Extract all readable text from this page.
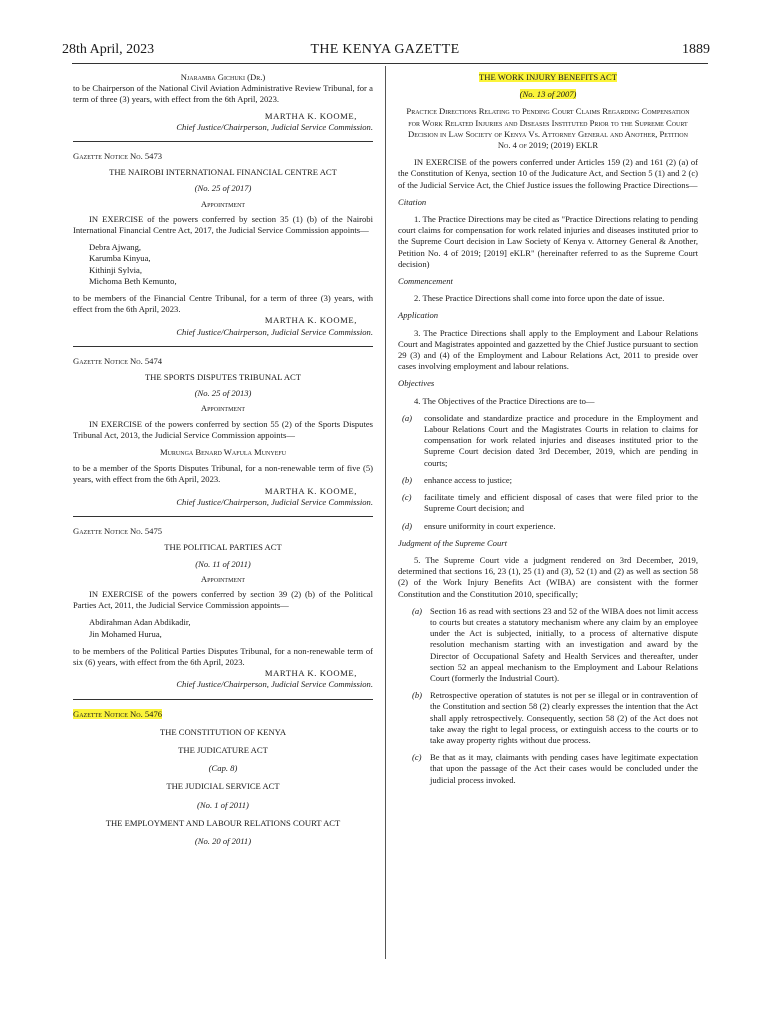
28th April, 2023	THE KENYA GAZETTE	1889

Njaramba Gichuki (Dr.)

to be Chairperson of the National Civil Aviation Administrative Review Tribunal, for a term of three (3) years, with effect from the 6th April, 2023.

MARTHA K. KOOME,

Chief Justice/Chairperson, Judicial Service Commission.

Gazette Notice No. 5473

THE NAIROBI INTERNATIONAL FINANCIAL CENTRE ACT

(No. 25 of 2017)

Appointment

IN EXERCISE of the powers conferred by section 35 (1) (b) of the Nairobi International Financial Centre Act, 2017, the Judicial Service Commission appoints—

Debra Ajwang,

Karumba Kinyua,

Kithinji Sylvia,

Michoma Beth Kemunto,

to be members of the Financial Centre Tribunal, for a term of three (3) years, with effect from the 6th April, 2023.

MARTHA K. KOOME,

Chief Justice/Chairperson, Judicial Service Commission.

Gazette Notice No. 5474

THE SPORTS DISPUTES TRIBUNAL ACT

(No. 25 of 2013)

Appointment

IN EXERCISE of the powers conferred by section 55 (2) of the Sports Disputes Tribunal Act, 2013, the Judicial Service Commission appoints—

Murunga Benard Wafula Munyefu

to be a member of the Sports Disputes Tribunal, for a non-renewable term of five (5) years, with effect from the 6th April, 2023.

MARTHA K. KOOME,

Chief Justice/Chairperson, Judicial Service Commission.

Gazette Notice No. 5475

THE POLITICAL PARTIES ACT

(No. 11 of 2011)

Appointment

IN EXERCISE of the powers conferred by section 39 (2) (b) of the Political Parties Act, 2011, the Judicial Service Commission appoints—

Abdirahman Adan Abdikadir,

Jin Mohamed Hurua,

to be members of the Political Parties Disputes Tribunal, for a non-renewable term of six (6) years, with effect from the 6th April, 2023.

MARTHA K. KOOME,

Chief Justice/Chairperson, Judicial Service Commission.

Gazette Notice No. 5476

THE CONSTITUTION OF KENYA

THE JUDICATURE ACT

(Cap. 8)

THE JUDICIAL SERVICE ACT

(No. 1 of 2011)

THE EMPLOYMENT AND LABOUR RELATIONS COURT ACT

(No. 20 of 2011)

THE WORK INJURY BENEFITS ACT

(No. 13 of 2007)

Practice Directions Relating to Pending Court Claims Regarding Compensation for Work Related Injuries and Diseases Instituted Prior to the Supreme Court Decision in Law Society of Kenya Vs. Attorney General and Another, Petition No. 4 of 2019; (2019) EKLR

IN EXERCISE of the powers conferred under Articles 159 (2) and 161 (2) (a) of the Constitution of Kenya, section 10 of the Judicature Act, and Section 5 (1) and 2 (c) of the Judicial Service Act, the Chief Justice issues the following Practice Directions—

Citation

1. The Practice Directions may be cited as "Practice Directions relating to pending court claims for compensation for work related injuries and diseases instituted prior to the Supreme Court decision in Law Society of Kenya v. Attorney General & Another, Petition No. 4 of 2019; [2019] eKLR" (hereinafter referred to as the Supreme Court decision)

Commencement

2. These Practice Directions shall come into force upon the date of issue.

Application

3. The Practice Directions shall apply to the Employment and Labour Relations Court and Magistrates appointed and gazzetted by the Chief Justice pursuant to section 29 (3) and (4) of the Employment and Labour Relations Act, 2011 to preside over cases involving employment and labour relations.

Objectives

4. The Objectives of the Practice Directions are to—

(a)	consolidate and standardize practice and procedure in the Employment and Labour Relations Court and the Magistrates Courts in relation to claims for compensation for work related injuries and diseases instituted prior to the Supreme Court decision dated 3rd December, 2019, which are pending in courts;
(b)	enhance access to justice;
(c)	facilitate timely and efficient disposal of cases that were filed prior to the Supreme Court decision; and
(d)	ensure uniformity in court experience.

Judgment of the Supreme Court

5. The Supreme Court vide a judgment rendered on 3rd December, 2019, determined that sections 16, 23 (1), 25 (1) and (3), 52 (1) and (2) as well as section 58 (2) of the Work Injury Benefits Act (WIBA) are consistent with the former Constitution and the Constitution 2010, specifically;

(a) Section 16 as read with sections 23 and 52 of the WIBA does not limit access to courts but creates a statutory mechanism where any claim by an employee under the Act is subjected, initially, to a process of alternative dispute resolution mechanism starting with an investigation and award by the Director of Occupational Safety and Health Services and thereafter, under section 52 an appeal mechanism to the Employment and Labour Relations Court (formerly the Industrial Court).
(b) Retrospective operation of statutes is not per se illegal or in contravention of the Constitution and section 58 (2) clearly expresses the intention that the Act shall apply retrospectively. Consequently, section 58 (2) of the Act does not take away the right to legal process, or extinguish access to the courts or to take away property rights without due process.
(c) Be that as it may, claimants with pending cases have legitimate expectation that upon the passage of the Act their cases would be concluded under the judicial process invoked.
